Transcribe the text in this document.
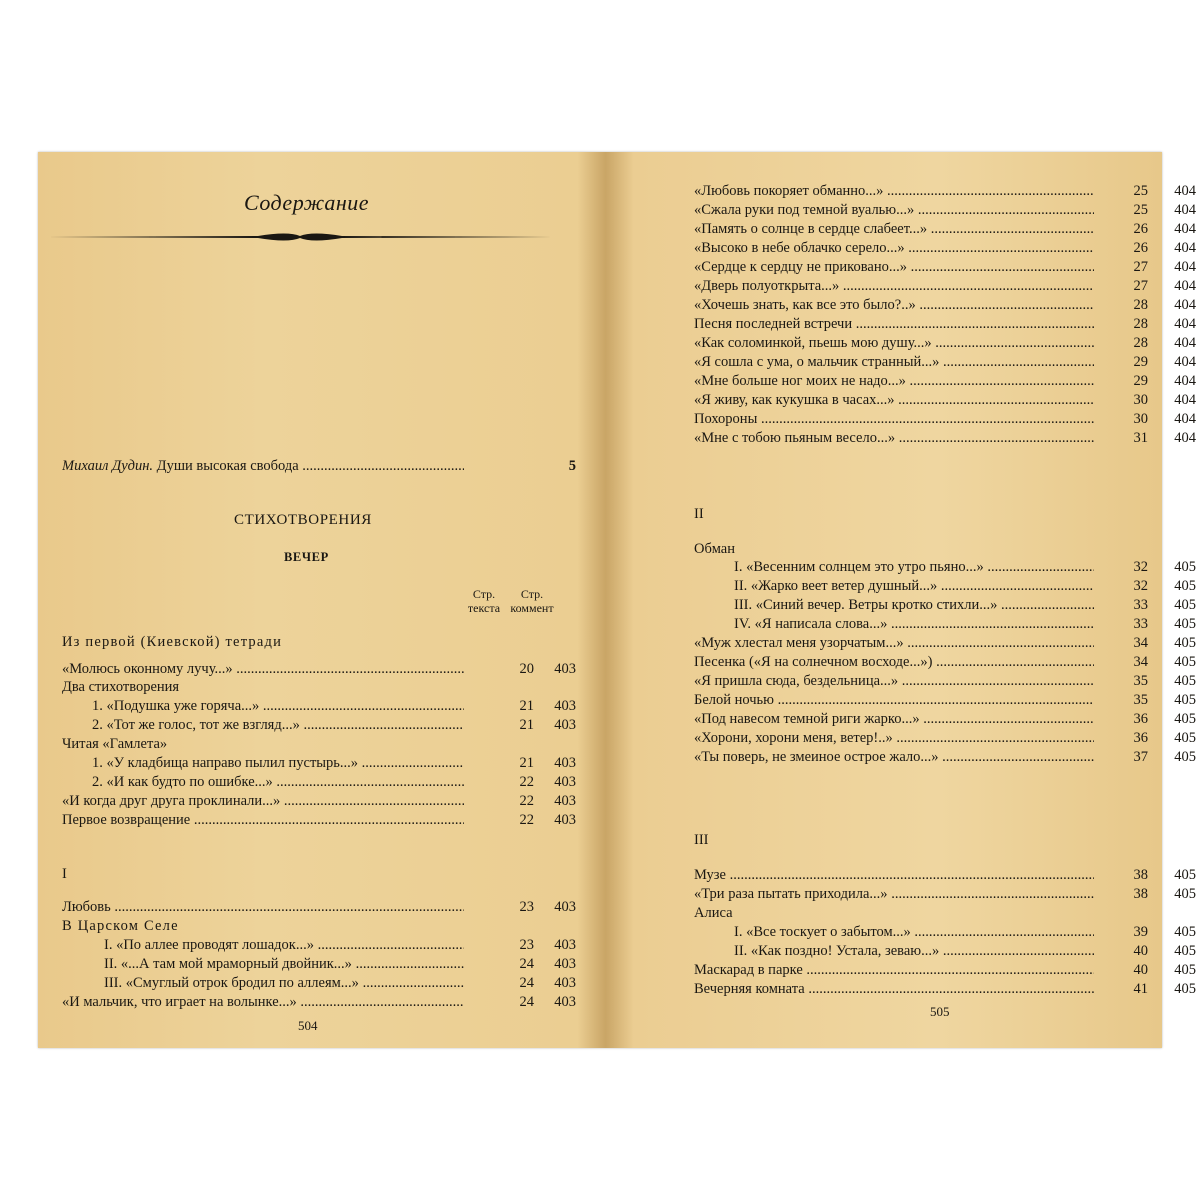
Содержание
Михаил Дудин. Души высокая свобода .....	5
СТИХОТВОРЕНИЯ
ВЕЧЕР
Стр.
текста
Стр.
коммент
Из первой (Киевской) тетради
«Молюсь оконному лучу...» .....	20	403
Два стихотворения
1. «Подушка уже горяча...» .....	21	403
2. «Тот же голос, тот же взгляд...» .....	21	403
Читая «Гамлета»
1. «У кладбища направо пылил пустырь...» .....	21	403
2. «И как будто по ошибке...» .....	22	403
«И когда друг друга проклинали...» .....	22	403
Первое возвращение .....	22	403
I
Любовь .....	23	403
В Царском Селе
I. «По аллее проводят лошадок...» .....	23	403
II. «...А там мой мраморный двойник...» .....	24	403
III. «Смуглый отрок бродил по аллеям...» .....	24	403
«И мальчик, что играет на волынке...» .....	24	403
504
«Любовь покоряет обманно...» .....	25	404
«Сжала руки под темной вуалью...» .....	25	404
«Память о солнце в сердце слабеет...» .....	26	404
«Высоко в небе облачко серело...» .....	26	404
«Сердце к сердцу не приковано...» .....	27	404
«Дверь полуоткрыта...» .....	27	404
«Хочешь знать, как все это было?..» .....	28	404
Песня последней встречи .....	28	404
«Как соломинкой, пьешь мою душу...» .....	28	404
«Я сошла с ума, о мальчик странный...» .....	29	404
«Мне больше ног моих не надо...» .....	29	404
«Я живу, как кукушка в часах...» .....	30	404
Похороны .....	30	404
«Мне с тобою пьяным весело...» .....	31	404
II
Обман
I. «Весенним солнцем это утро пьяно...» .....	32	405
II. «Жарко веет ветер душный...» .....	32	405
III. «Синий вечер. Ветры кротко стихли...» .....	33	405
IV. «Я написала слова...» .....	33	405
«Муж хлестал меня узорчатым...» .....	34	405
Песенка («Я на солнечном восходе...») .....	34	405
«Я пришла сюда, бездельница...» .....	35	405
Белой ночью .....	35	405
«Под навесом темной риги жарко...» .....	36	405
«Хорони, хорони меня, ветер!..» .....	36	405
«Ты поверь, не змеиное острое жало...» .....	37	405
III
Музе .....	38	405
«Три раза пытать приходила...» .....	38	405
Алиса
I. «Все тоскует о забытом...» .....	39	405
II. «Как поздно! Устала, зеваю...» .....	40	405
Маскарад в парке .....	40	405
Вечерняя комната .....	41	405
505
